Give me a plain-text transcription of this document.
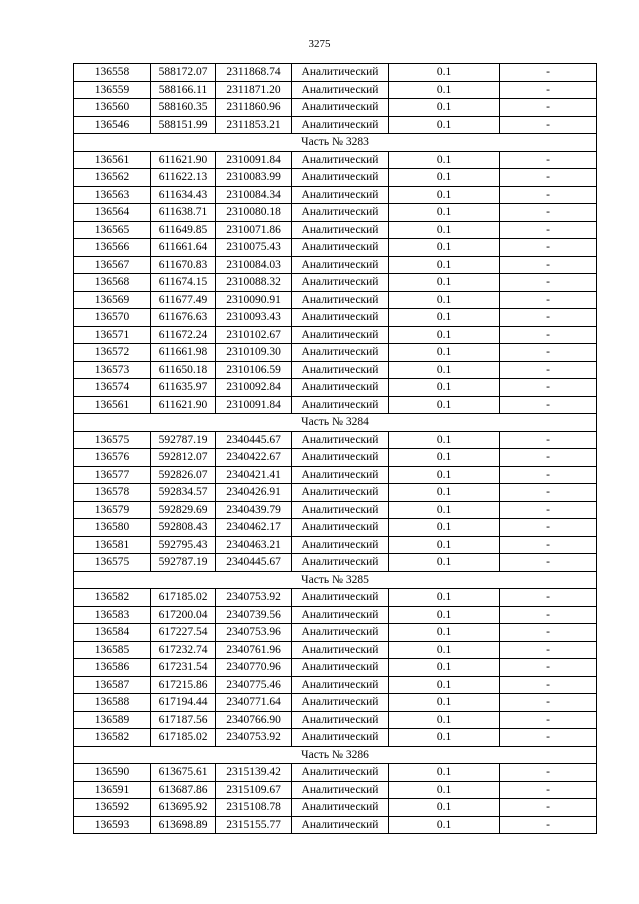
3275
136558	588172.07	2311868.74	Аналитический	0.1	-
136559	588166.11	2311871.20	Аналитический	0.1	-
136560	588160.35	2311860.96	Аналитический	0.1	-
136546	588151.99	2311853.21	Аналитический	0.1	-
Часть № 3283					
136561	611621.90	2310091.84	Аналитический	0.1	-
136562	611622.13	2310083.99	Аналитический	0.1	-
136563	611634.43	2310084.34	Аналитический	0.1	-
136564	611638.71	2310080.18	Аналитический	0.1	-
136565	611649.85	2310071.86	Аналитический	0.1	-
136566	611661.64	2310075.43	Аналитический	0.1	-
136567	611670.83	2310084.03	Аналитический	0.1	-
136568	611674.15	2310088.32	Аналитический	0.1	-
136569	611677.49	2310090.91	Аналитический	0.1	-
136570	611676.63	2310093.43	Аналитический	0.1	-
136571	611672.24	2310102.67	Аналитический	0.1	-
136572	611661.98	2310109.30	Аналитический	0.1	-
136573	611650.18	2310106.59	Аналитический	0.1	-
136574	611635.97	2310092.84	Аналитический	0.1	-
136561	611621.90	2310091.84	Аналитический	0.1	-
Часть № 3284					
136575	592787.19	2340445.67	Аналитический	0.1	-
136576	592812.07	2340422.67	Аналитический	0.1	-
136577	592826.07	2340421.41	Аналитический	0.1	-
136578	592834.57	2340426.91	Аналитический	0.1	-
136579	592829.69	2340439.79	Аналитический	0.1	-
136580	592808.43	2340462.17	Аналитический	0.1	-
136581	592795.43	2340463.21	Аналитический	0.1	-
136575	592787.19	2340445.67	Аналитический	0.1	-
Часть № 3285					
136582	617185.02	2340753.92	Аналитический	0.1	-
136583	617200.04	2340739.56	Аналитический	0.1	-
136584	617227.54	2340753.96	Аналитический	0.1	-
136585	617232.74	2340761.96	Аналитический	0.1	-
136586	617231.54	2340770.96	Аналитический	0.1	-
136587	617215.86	2340775.46	Аналитический	0.1	-
136588	617194.44	2340771.64	Аналитический	0.1	-
136589	617187.56	2340766.90	Аналитический	0.1	-
136582	617185.02	2340753.92	Аналитический	0.1	-
Часть № 3286					
136590	613675.61	2315139.42	Аналитический	0.1	-
136591	613687.86	2315109.67	Аналитический	0.1	-
136592	613695.92	2315108.78	Аналитический	0.1	-
136593	613698.89	2315155.77	Аналитический	0.1	-
